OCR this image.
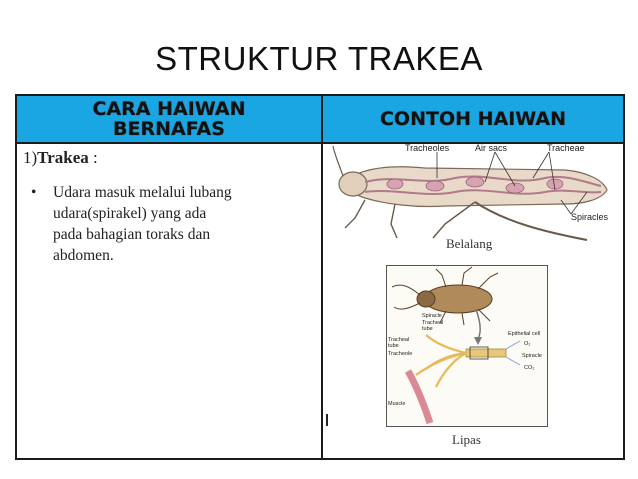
STRUKTUR TRAKEA
CARA HAIWAN BERNAFAS	CONTOH HAIWAN
1)Trakea :
• Udara masuk melalui lubang
udara(spirakel) yang ada
pada bahagian toraks dan
abdomen.
Tracheoles	Air sacs	Tracheae
Spiracles
Belalang
Spiracle
Tracheal
tube
Epithelial cell
O₂
Spiracle
CO₂
Tracheal
tube
Tracheole
Muscle
Lipas
